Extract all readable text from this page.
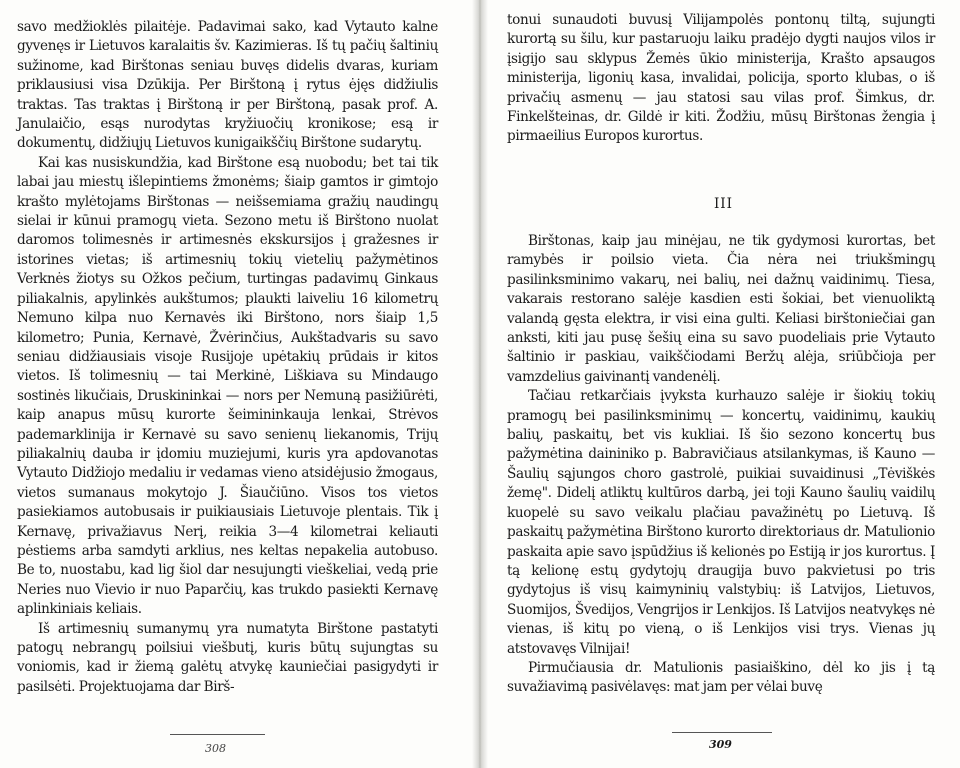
savo medžioklės pilaitėje. Padavimai sako, kad Vytauto kalne gyvenęs ir Lietuvos karalaitis šv. Kazimieras. Iš tų pačių šaltinių sužinome, kad Birštonas seniau buvęs didelis dvaras, kuriam priklausiusi visa Dzūkija. Per Birštoną į rytus ėjęs didžiulis traktas. Tas traktas į Birštoną ir per Birštoną, pasak prof. A. Janulaičio, esąs nurodytas kryžiuočių kronikose; esą ir dokumentų, didžiųjų Lietuvos kunigaikščių Birštone sudarytų.

Kai kas nusiskundžia, kad Birštone esą nuobodu; bet tai tik labai jau miestų išlepintiems žmonėms; šiaip gamtos ir gimtojo krašto mylėtojams Birštonas — neišsemiama gražių naudingų sielai ir kūnui pramogų vieta. Sezono metu iš Birštono nuolat daromos tolimesnės ir artimesnės ekskursijos į gražesnes ir istorines vietas; iš artimesnių tokių vietelių pažymėtinos Verknės žiotys su Ožkos pečium, turtingas padavimų Ginkaus piliakalnis, apylinkės aukštumos; plaukti laiveliu 16 kilometrų Nemuno kilpa nuo Kernavės iki Birštono, nors šiaip 1,5 kilometro; Punia, Kernavė, Žvėrinčius, Aukštadvaris su savo seniau didžiausiais visoje Rusijoje upėtakių prūdais ir kitos vietos. Iš tolimesnių — tai Merkinė, Liškiava su Mindaugo sostinės likučiais, Druskininkai — nors per Nemuną pasižiūrėti, kaip anapus mūsų kurorte šeimininkauja lenkai, Strėvos pademarklinija ir Kernavė su savo senienų liekanomis, Trijų piliakalnių dauba ir įdomiu muziejumi, kuris yra apdovanotas Vytauto Didžiojo medaliu ir vedamas vieno atsidėjusio žmogaus, vietos sumanaus mokytojo J. Šiaučiūno. Visos tos vietos pasiekiamos autobusais ir puikiausiais Lietuvoje plentais. Tik į Kernavę, privažiavus Nerį, reikia 3—4 kilometrai keliauti pėstiems arba samdyti arklius, nes keltas nepakelia autobuso. Be to, nuostabu, kad lig šiol dar nesujungti vieškeliai, vedą prie Neries nuo Vievio ir nuo Paparčių, kas trukdo pasiekti Kernavę aplinkiniais keliais.

Iš artimesnių sumanymų yra numatyta Birštone pastatyti patogų nebrangų poilsiui viešbutį, kuris būtų sujungtas su voniomis, kad ir žiemą galėtų atvykę kauniečiai pasigydyti ir pasilsėti. Projektuojama dar Birš-

308

tonui sunaudoti buvusį Vilijampolės pontonų tiltą, sujungti kurortą su šilu, kur pastaruoju laiku pradėjo dygti naujos vilos ir įsigijo sau sklypus Žemės ūkio ministerija, Krašto apsaugos ministerija, ligonių kasa, invalidai, policija, sporto klubas, o iš privačių asmenų — jau statosi sau vilas prof. Šimkus, dr. Finkelšteinas, dr. Gildė ir kiti. Žodžiu, mūsų Birštonas žengia į pirmaeilius Europos kurortus.

III

Birštonas, kaip jau minėjau, ne tik gydymosi kurortas, bet ramybės ir poilsio vieta. Čia nėra nei triukšmingų pasilinksminimo vakarų, nei balių, nei dažnų vaidinimų. Tiesa, vakarais restorano salėje kasdien esti šokiai, bet vienuoliktą valandą gęsta elektra, ir visi eina gulti. Keliasi birštoniečiai gan anksti, kiti jau pusę šešių eina su savo puodeliais prie Vytauto šaltinio ir paskiau, vaikščiodami Beržų alėja, sriūbčioja per vamzdelius gaivinantį vandenėlį.

Tačiau retkarčiais įvyksta kurhauzo salėje ir šiokių tokių pramogų bei pasilinksminimų — koncertų, vaidinimų, kaukių balių, paskaitų, bet vis kukliai. Iš šio sezono koncertų bus pažymėtina daininiko p. Babravičiaus atsilankymas, iš Kauno — Šaulių sąjungos choro gastrolė, puikiai suvaidinusi „Tėviškės žemę". Didelį atliktų kultūros darbą, jei toji Kauno šaulių vaidilų kuopelė su savo veikalu plačiau pavažinėtų po Lietuvą. Iš paskaitų pažymėtina Birštono kurorto direktoriaus dr. Matulionio paskaita apie savo įspūdžius iš kelionės po Estiją ir jos kurortus. Į tą kelionę estų gydytojų draugija buvo pakvietusi po tris gydytojus iš visų kaimyninių valstybių: iš Latvijos, Lietuvos, Suomijos, Švedijos, Vengrijos ir Lenkijos. Iš Latvijos neatvykęs nė vienas, iš kitų po vieną, o iš Lenkijos visi trys. Vienas jų atstovavęs Vilnijai!

Pirmučiausia dr. Matulionis pasiaiškino, dėl ko jis į tą suvažiavimą pasivėlavęs: mat jam per vėlai buvę

309
